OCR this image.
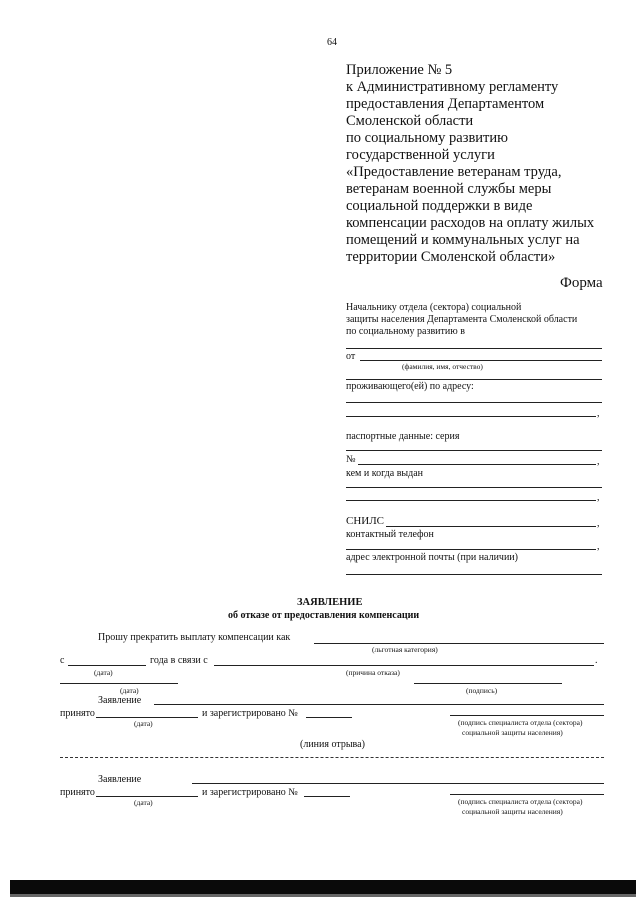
64
Приложение № 5
к Административному регламенту
предоставления Департаментом
Смоленской области
по социальному развитию
государственной услуги
«Предоставление ветеранам труда,
ветеранам военной службы меры
социальной поддержки в виде
компенсации расходов на оплату жилых
помещений и коммунальных услуг на
территории Смоленской области»
Форма
Начальнику отдела (сектора) социальной
защиты населения Департамента Смоленской области
по социальному развитию в
от
(фамилия, имя, отчество)
проживающего(ей) по адресу:
,
паспортные данные: серия
№	,
кем и когда выдан
,
СНИЛС	,
контактный телефон
,
адрес электронной почты (при наличии)
ЗАЯВЛЕНИЕ
об отказе от предоставления компенсации
Прошу прекратить выплату компенсации как
(льготная категория)
с	года в связи с	.
(дата)	(причина отказа)
(дата)	(подпись)
Заявление
принято	и зарегистрировано №
(дата)	(подпись специалиста отдела (сектора)
социальной защиты населения)
(линия отрыва)
Заявление
принято	и зарегистрировано №
(дата)	(подпись специалиста отдела (сектора)
социальной защиты населения)
